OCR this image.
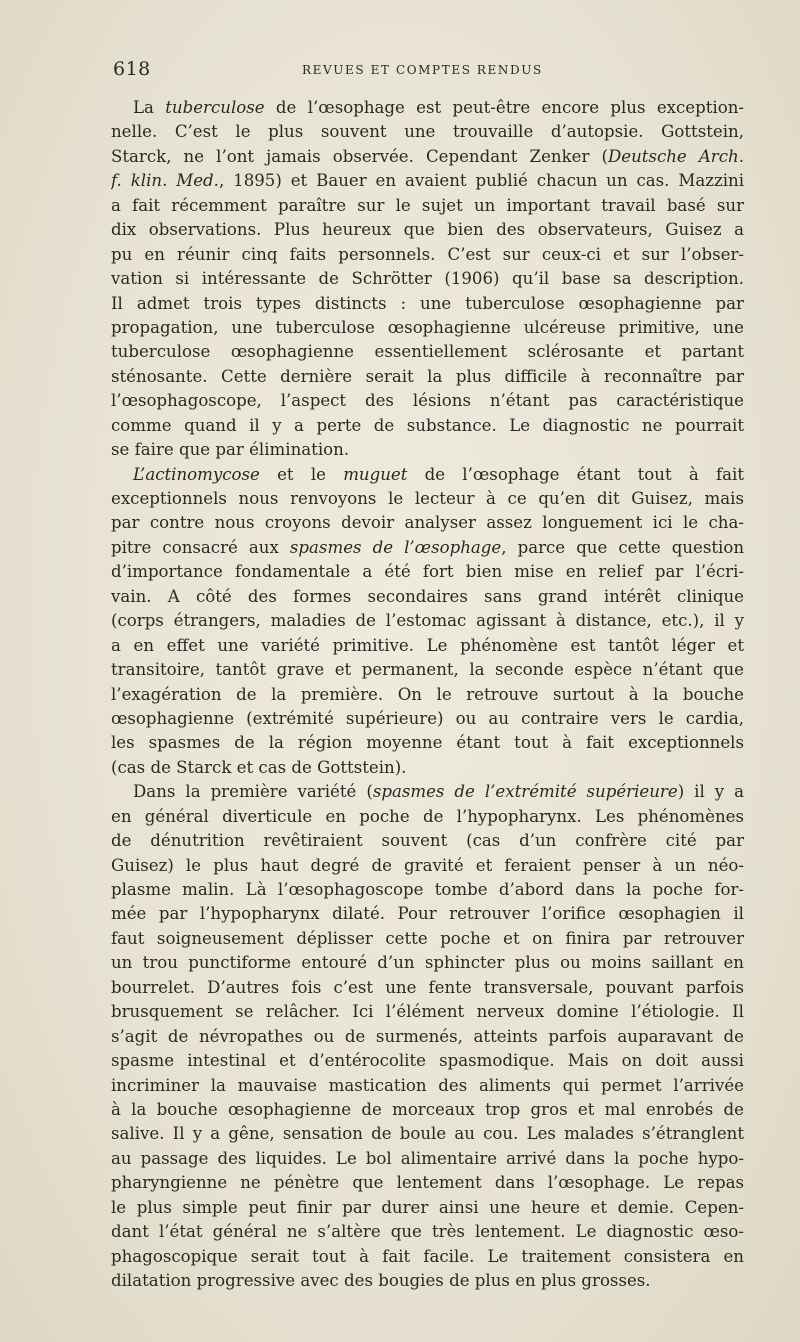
618	REVUES ET COMPTES RENDUS
La tuberculose de l’œsophage est peut-être encore plus exception-
nelle. C’est le plus souvent une trouvaille d’autopsie. Gottstein,
Starck, ne l’ont jamais observée. Cependant Zenker (Deutsche Arch.
f. klin. Med., 1895) et Bauer en avaient publié chacun un cas. Mazzini
a fait récemment paraître sur le sujet un important travail basé sur
dix observations. Plus heureux que bien des observateurs, Guisez a
pu en réunir cinq faits personnels. C’est sur ceux-ci et sur l’obser-
vation si intéressante de Schrötter (1906) qu’il base sa description.
Il admet trois types distincts : une tuberculose œsophagienne par
propagation, une tuberculose œsophagienne ulcéreuse primitive, une
tuberculose œsophagienne essentiellement sclérosante et partant
sténosante. Cette dernière serait la plus difficile à reconnaître par
l’œsophagoscope, l’aspect des lésions n’étant pas caractéristique
comme quand il y a perte de substance. Le diagnostic ne pourrait
se faire que par élimination.
L’actinomycose et le muguet de l’œsophage étant tout à fait
exceptionnels nous renvoyons le lecteur à ce qu’en dit Guisez, mais
par contre nous croyons devoir analyser assez longuement ici le cha-
pitre consacré aux spasmes de l’œsophage, parce que cette question
d’importance fondamentale a été fort bien mise en relief par l’écri-
vain. A côté des formes secondaires sans grand intérêt clinique
(corps étrangers, maladies de l’estomac agissant à distance, etc.), il y
a en effet une variété primitive. Le phénomène est tantôt léger et
transitoire, tantôt grave et permanent, la seconde espèce n’étant que
l’exagération de la première. On le retrouve surtout à la bouche
œsophagienne (extrémité supérieure) ou au contraire vers le cardia,
les spasmes de la région moyenne étant tout à fait exceptionnels
(cas de Starck et cas de Gottstein).
Dans la première variété (spasmes de l’extrémité supérieure) il y a
en général diverticule en poche de l’hypopharynx. Les phénomènes
de dénutrition revêtiraient souvent (cas d’un confrère cité par
Guisez) le plus haut degré de gravité et feraient penser à un néo-
plasme malin. Là l’œsophagoscope tombe d’abord dans la poche for-
mée par l’hypopharynx dilaté. Pour retrouver l’orifice œsophagien il
faut soigneusement déplisser cette poche et on finira par retrouver
un trou punctiforme entouré d’un sphincter plus ou moins saillant en
bourrelet. D’autres fois c’est une fente transversale, pouvant parfois
brusquement se relâcher. Ici l’élément nerveux domine l’étiologie. Il
s’agit de névropathes ou de surmenés, atteints parfois auparavant de
spasme intestinal et d’entérocolite spasmodique. Mais on doit aussi
incriminer la mauvaise mastication des aliments qui permet l’arrivée
à la bouche œsophagienne de morceaux trop gros et mal enrobés de
salive. Il y a gêne, sensation de boule au cou. Les malades s’étranglent
au passage des liquides. Le bol alimentaire arrivé dans la poche hypo-
pharyngienne ne pénètre que lentement dans l’œsophage. Le repas
le plus simple peut finir par durer ainsi une heure et demie. Cepen-
dant l’état général ne s’altère que très lentement. Le diagnostic œso-
phagoscopique serait tout à fait facile. Le traitement consistera en
dilatation progressive avec des bougies de plus en plus grosses.
